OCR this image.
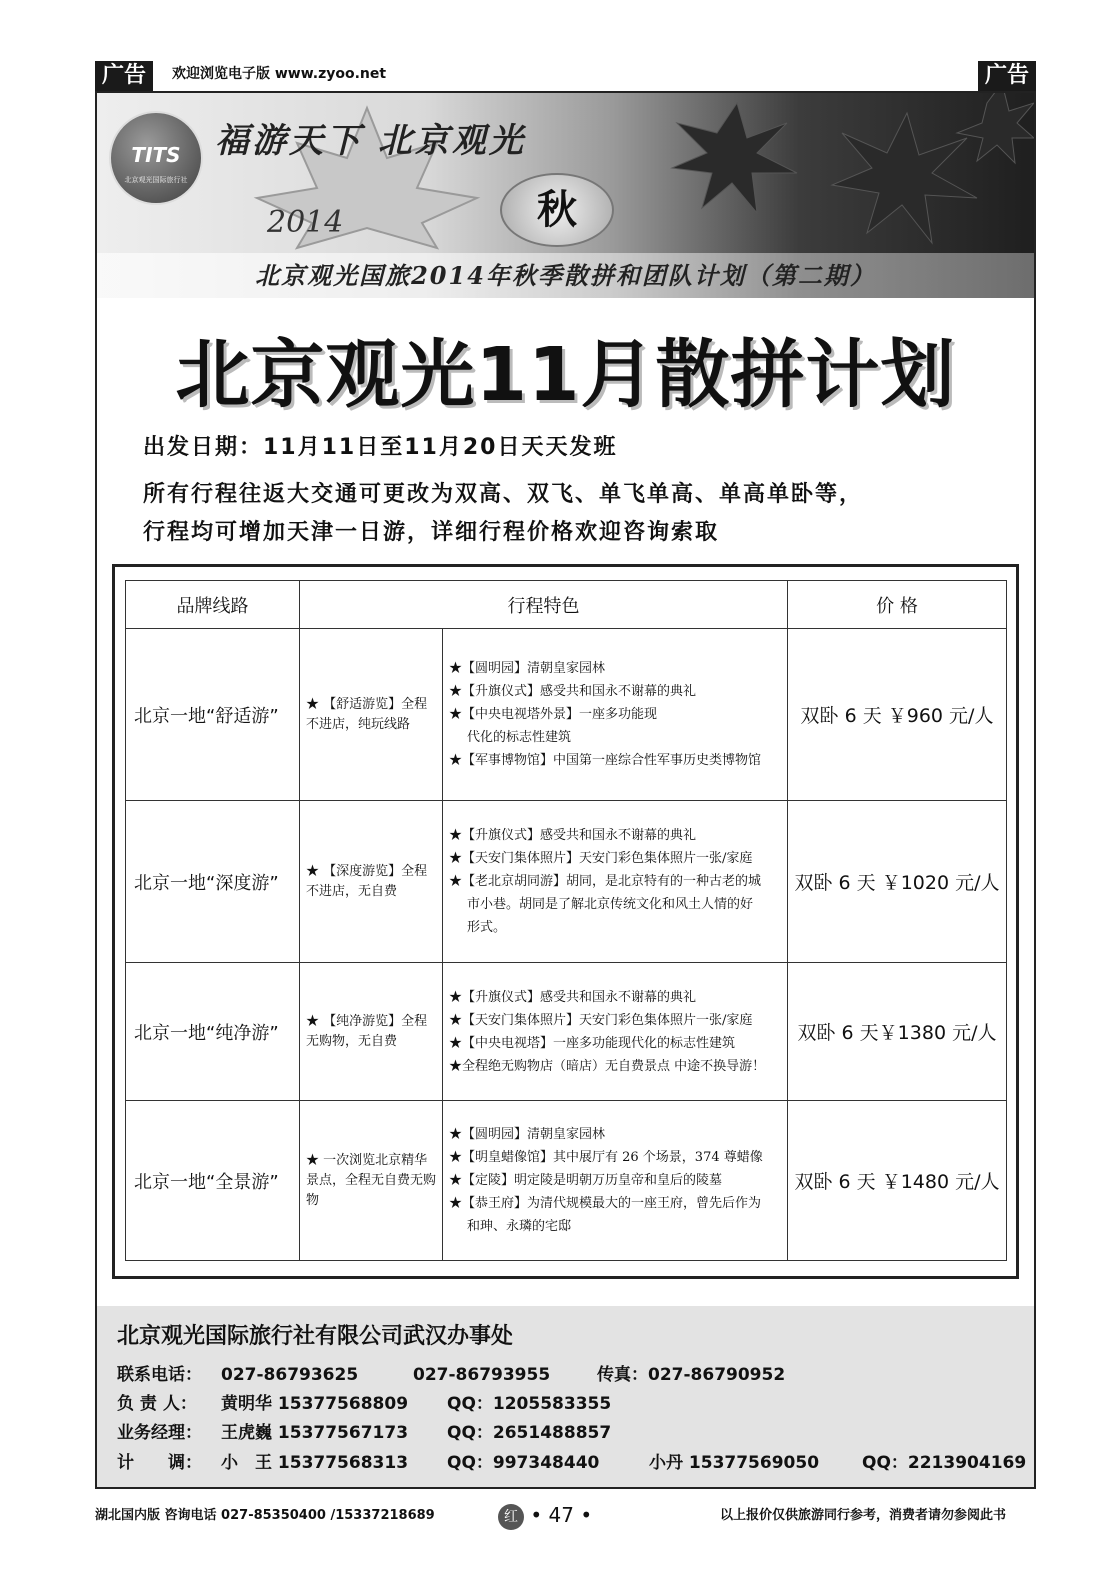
广告	欢迎浏览电子版 www.zyoo.net	广告
TITS
北京观光国际旅行社
福游天下 北京观光
2014	秋
北京观光国旅2014年秋季散拼和团队计划（第二期）
北京观光11月散拼计划
出发日期：11月11日至11月20日天天发班
所有行程往返大交通可更改为双高、双飞、单飞单高、单高单卧等，
行程均可增加天津一日游，详细行程价格欢迎咨询索取
品牌线路	行程特色		价 格
北京一地“舒适游”	★ 【舒适游览】全程不进店，纯玩线路	★【圆明园】清朝皇家园林
★【升旗仪式】感受共和国永不谢幕的典礼
★【中央电视塔外景】一座多功能现
代化的标志性建筑
★【军事博物馆】中国第一座综合性军事历史类博物馆	双卧 6 天 ￥960 元/人
北京一地“深度游”	★ 【深度游览】全程不进店，无自费	★【升旗仪式】感受共和国永不谢幕的典礼
★【天安门集体照片】天安门彩色集体照片一张/家庭
★【老北京胡同游】胡同，是北京特有的一种古老的城
市小巷。胡同是了解北京传统文化和风土人情的好
形式。	双卧 6 天 ￥1020 元/人
北京一地“纯净游”	★ 【纯净游览】全程无购物，无自费	★【升旗仪式】感受共和国永不谢幕的典礼
★【天安门集体照片】天安门彩色集体照片一张/家庭
★【中央电视塔】一座多功能现代化的标志性建筑
★全程绝无购物店（暗店）无自费景点 中途不换导游！	双卧 6 天￥1380 元/人
北京一地“全景游”	★ 一次浏览北京精华景点，全程无自费无购物	★【圆明园】清朝皇家园林
★【明皇蜡像馆】其中展厅有 26 个场景，374 尊蜡像
★【定陵】明定陵是明朝万历皇帝和皇后的陵墓
★【恭王府】为清代规模最大的一座王府，曾先后作为
和珅、永璘的宅邸	双卧 6 天 ￥1480 元/人
北京观光国际旅行社有限公司武汉办事处
联系电话： 027-86793625	027-86793955	传真：027-86790952
负 责 人： 黄明华 15377568809 QQ：1205583355
业务经理： 王虎巍 15377567173 QQ：2651488857
计　　调： 小　王 15377568313 QQ：997348440	小丹 15377569050	QQ：2213904169
湖北国内版 咨询电话 027-85350400 /15337218689	红 • 47 •	以上报价仅供旅游同行参考，消费者请勿参阅此书
